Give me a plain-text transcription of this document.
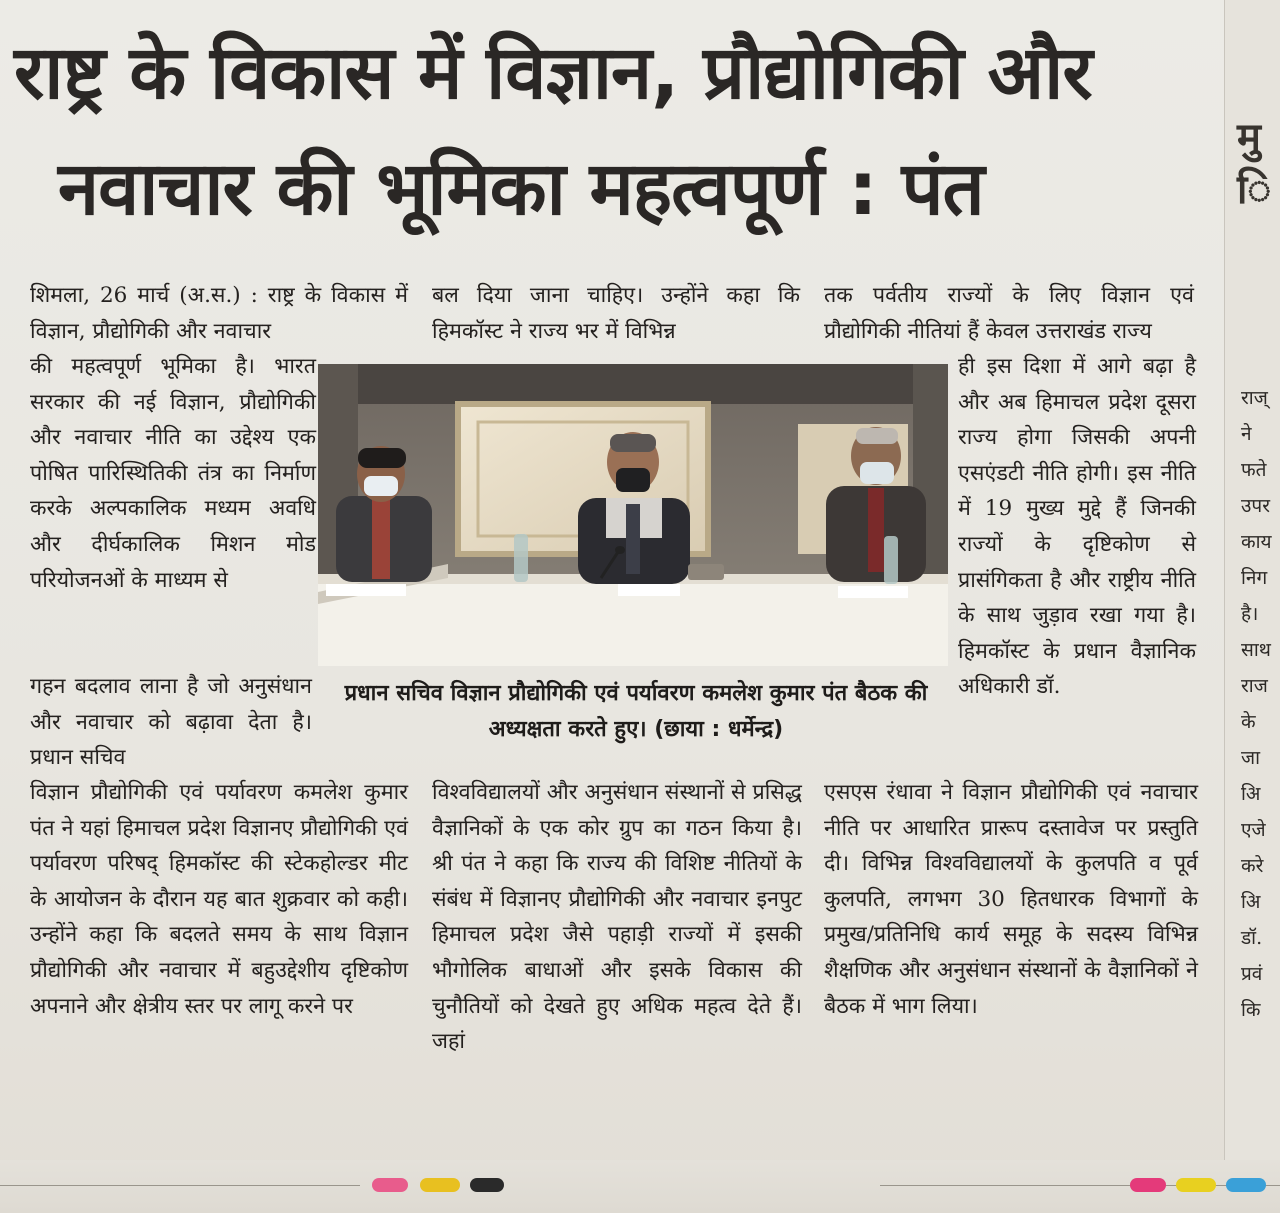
राष्ट्र के विकास में विज्ञान, प्रौद्योगिकी और
नवाचार की भूमिका महत्वपूर्ण : पंत
शिमला, 26 मार्च (अ.स.) : राष्ट्र के विकास में विज्ञान, प्रौद्योगिकी और नवाचार
की महत्वपूर्ण भूमिका है। भारत सरकार की नई विज्ञान, प्रौद्योगिकी और नवाचार नीति का उद्देश्य एक पोषित पारिस्थितिकी तंत्र का निर्माण करके अल्पकालिक मध्यम अवधि और दीर्घकालिक मिशन मोड परियोजनओं के माध्यम से
गहन बदलाव लाना है जो अनुसंधान और नवाचार को बढ़ावा देता है। प्रधान सचिव
विज्ञान प्रौद्योगिकी एवं पर्यावरण कमलेश कुमार पंत ने यहां हिमाचल प्रदेश विज्ञानए प्रौद्योगिकी एवं पर्यावरण परिषद् हिमकॉस्ट की स्टेकहोल्डर मीट के आयोजन के दौरान यह बात शुक्रवार को कही। उन्होंने कहा कि बदलते समय के साथ विज्ञान प्रौद्योगिकी और नवाचार में बहुउद्देशीय दृष्टिकोण अपनाने और क्षेत्रीय स्तर पर लागू करने पर
बल दिया जाना चाहिए। उन्होंने कहा कि हिमकॉस्ट ने राज्य भर में विभिन्न
विश्वविद्यालयों और अनुसंधान संस्थानों से प्रसिद्ध वैज्ञानिकों के एक कोर ग्रुप का गठन किया है। श्री पंत ने कहा कि राज्य की विशिष्ट नीतियों के संबंध में विज्ञानए प्रौद्योगिकी और नवाचार इनपुट हिमाचल प्रदेश जैसे पहाड़ी राज्यों में इसकी भौगोलिक बाधाओं और इसके विकास की चुनौतियों को देखते हुए अधिक महत्व देते हैं। जहां
तक पर्वतीय राज्यों के लिए विज्ञान एवं प्रौद्योगिकी नीतियां हैं केवल उत्तराखंड राज्य
ही इस दिशा में आगे बढ़ा है और अब हिमाचल प्रदेश दूसरा राज्य होगा जिसकी अपनी एसएंडटी नीति होगी। इस नीति में 19 मुख्य मुद्दे हैं जिनकी राज्यों के दृष्टिकोण से प्रासंगिकता है और राष्ट्रीय नीति के साथ जुड़ाव रखा गया है। हिमकॉस्ट के प्रधान वैज्ञानिक अधिकारी डॉ.
एसएस रंधावा ने विज्ञान प्रौद्योगिकी एवं नवाचार नीति पर आधारित प्रारूप दस्तावेज पर प्रस्तुति दी। विभिन्न विश्वविद्यालयों के कुलपति व पूर्व कुलपति, लगभग 30 हितधारक विभागों के प्रमुख/प्रतिनिधि कार्य समूह के सदस्य विभिन्न शैक्षणिक और अनुसंधान संस्थानों के वैज्ञानिकों ने बैठक में भाग लिया।
प्रधान सचिव विज्ञान प्रौद्योगिकी एवं पर्यावरण कमलेश कुमार पंत बैठक की अध्यक्षता करते हुए। (छाया : धर्मेन्द्र)
मु
ि
राज्
ने
फते
उपर
काय
निग
है।
साथ
राज
के
जा
अि
एजे
करे
अि
डॉ.
प्रवं
कि
